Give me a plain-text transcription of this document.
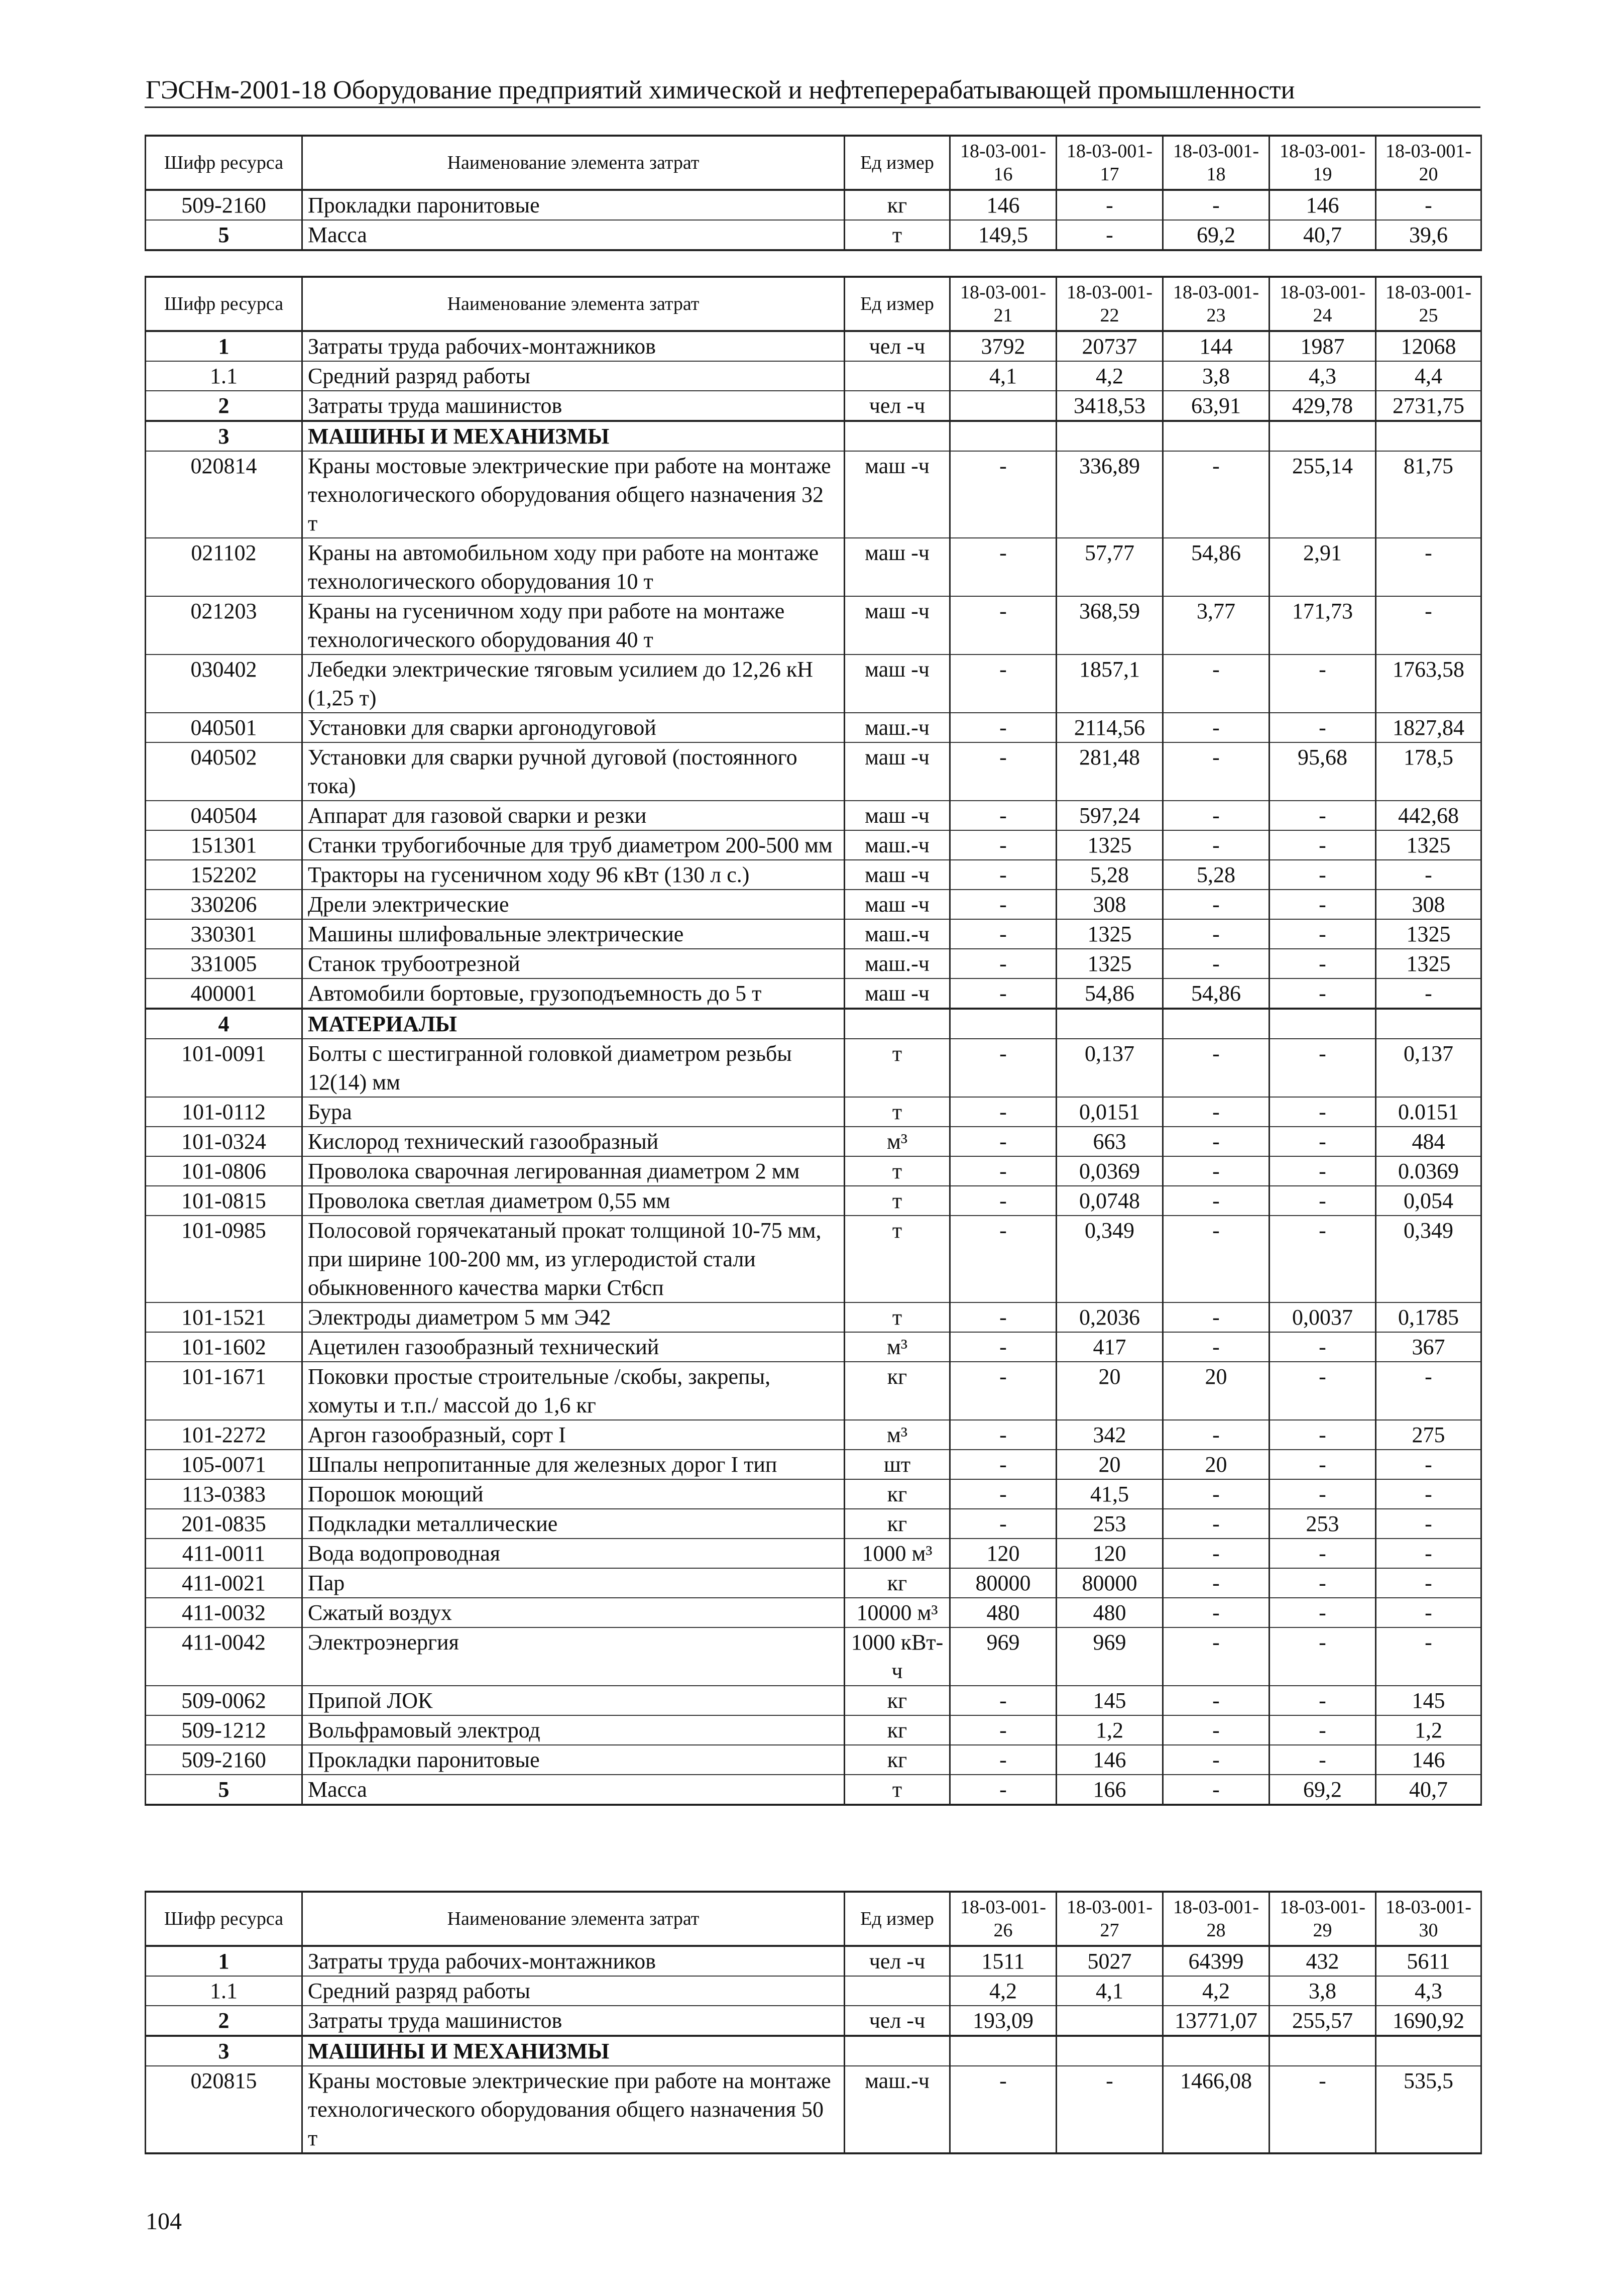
ГЭСНм-2001-18 Оборудование предприятий химической и нефтеперерабатывающей промышленности
Шифр ресурса	Наименование элемента затрат	Ед измер	18-03-001-16	18-03-001-17	18-03-001-18	18-03-001-19	18-03-001-20
509-2160	Прокладки паронитовые	кг	146	-	-	146	-
5	Масса	т	149,5	-	69,2	40,7	39,6
Шифр ресурса	Наименование элемента затрат	Ед измер	18-03-001-21	18-03-001-22	18-03-001-23	18-03-001-24	18-03-001-25
1	Затраты труда рабочих-монтажников	чел -ч	3792	20737	144	1987	12068
1.1	Средний разряд работы		4,1	4,2	3,8	4,3	4,4
2	Затраты труда машинистов	чел -ч		3418,53	63,91	429,78	2731,75
3	МАШИНЫ И МЕХАНИЗМЫ						
020814	Краны мостовые электрические при работе на монтаже технологического оборудования общего назначения 32 т	маш -ч	-	336,89	-	255,14	81,75
021102	Краны на автомобильном ходу при работе на монтаже технологического оборудования 10 т	маш -ч	-	57,77	54,86	2,91	-
021203	Краны на гусеничном ходу при работе на монтаже технологического оборудования 40 т	маш -ч	-	368,59	3,77	171,73	-
030402	Лебедки электрические тяговым усилием до 12,26 кН (1,25 т)	маш -ч	-	1857,1	-	-	1763,58
040501	Установки для сварки аргонодуговой	маш.-ч	-	2114,56	-	-	1827,84
040502	Установки для сварки ручной дуговой (постоянного тока)	маш -ч	-	281,48	-	95,68	178,5
040504	Аппарат для газовой сварки и резки	маш -ч	-	597,24	-	-	442,68
151301	Станки трубогибочные для труб диаметром 200-500 мм	маш.-ч	-	1325	-	-	1325
152202	Тракторы на гусеничном ходу 96 кВт (130 л с.)	маш -ч	-	5,28	5,28	-	-
330206	Дрели электрические	маш -ч	-	308	-	-	308
330301	Машины шлифовальные электрические	маш.-ч	-	1325	-	-	1325
331005	Станок трубоотрезной	маш.-ч	-	1325	-	-	1325
400001	Автомобили бортовые, грузоподъемность до 5 т	маш -ч	-	54,86	54,86	-	-
4	МАТЕРИАЛЫ						
101-0091	Болты с шестигранной головкой диаметром резьбы 12(14) мм	т	-	0,137	-	-	0,137
101-0112	Бура	т	-	0,0151	-	-	0.0151
101-0324	Кислород технический газообразный	м³	-	663	-	-	484
101-0806	Проволока сварочная легированная диаметром 2 мм	т	-	0,0369	-	-	0.0369
101-0815	Проволока светлая диаметром 0,55 мм	т	-	0,0748	-	-	0,054
101-0985	Полосовой горячекатаный прокат толщиной 10-75 мм, при ширине 100-200 мм, из углеродистой стали обыкновенного качества марки Ст6сп	т	-	0,349	-	-	0,349
101-1521	Электроды диаметром 5 мм Э42	т	-	0,2036	-	0,0037	0,1785
101-1602	Ацетилен газообразный технический	м³	-	417	-	-	367
101-1671	Поковки простые строительные /скобы, закрепы, хомуты и т.п./ массой до 1,6 кг	кг	-	20	20	-	-
101-2272	Аргон газообразный, сорт I	м³	-	342	-	-	275
105-0071	Шпалы непропитанные для железных дорог I тип	шт	-	20	20	-	-
113-0383	Порошок моющий	кг	-	41,5	-	-	-
201-0835	Подкладки металлические	кг	-	253	-	253	-
411-0011	Вода водопроводная	1000 м³	120	120	-	-	-
411-0021	Пар	кг	80000	80000	-	-	-
411-0032	Сжатый воздух	10000 м³	480	480	-	-	-
411-0042	Электроэнергия	1000 кВт-ч	969	969	-	-	-
509-0062	Припой ЛОК	кг	-	145	-	-	145
509-1212	Вольфрамовый электрод	кг	-	1,2	-	-	1,2
509-2160	Прокладки паронитовые	кг	-	146	-	-	146
5	Масса	т	-	166	-	69,2	40,7
Шифр ресурса	Наименование элемента затрат	Ед измер	18-03-001-26	18-03-001-27	18-03-001-28	18-03-001-29	18-03-001-30
1	Затраты труда рабочих-монтажников	чел -ч	1511	5027	64399	432	5611
1.1	Средний разряд работы		4,2	4,1	4,2	3,8	4,3
2	Затраты труда машинистов	чел -ч	193,09		13771,07	255,57	1690,92
3	МАШИНЫ И МЕХАНИЗМЫ						
020815	Краны мостовые электрические при работе на монтаже технологического оборудования общего назначения 50 т	маш.-ч	-	-	1466,08	-	535,5
104
